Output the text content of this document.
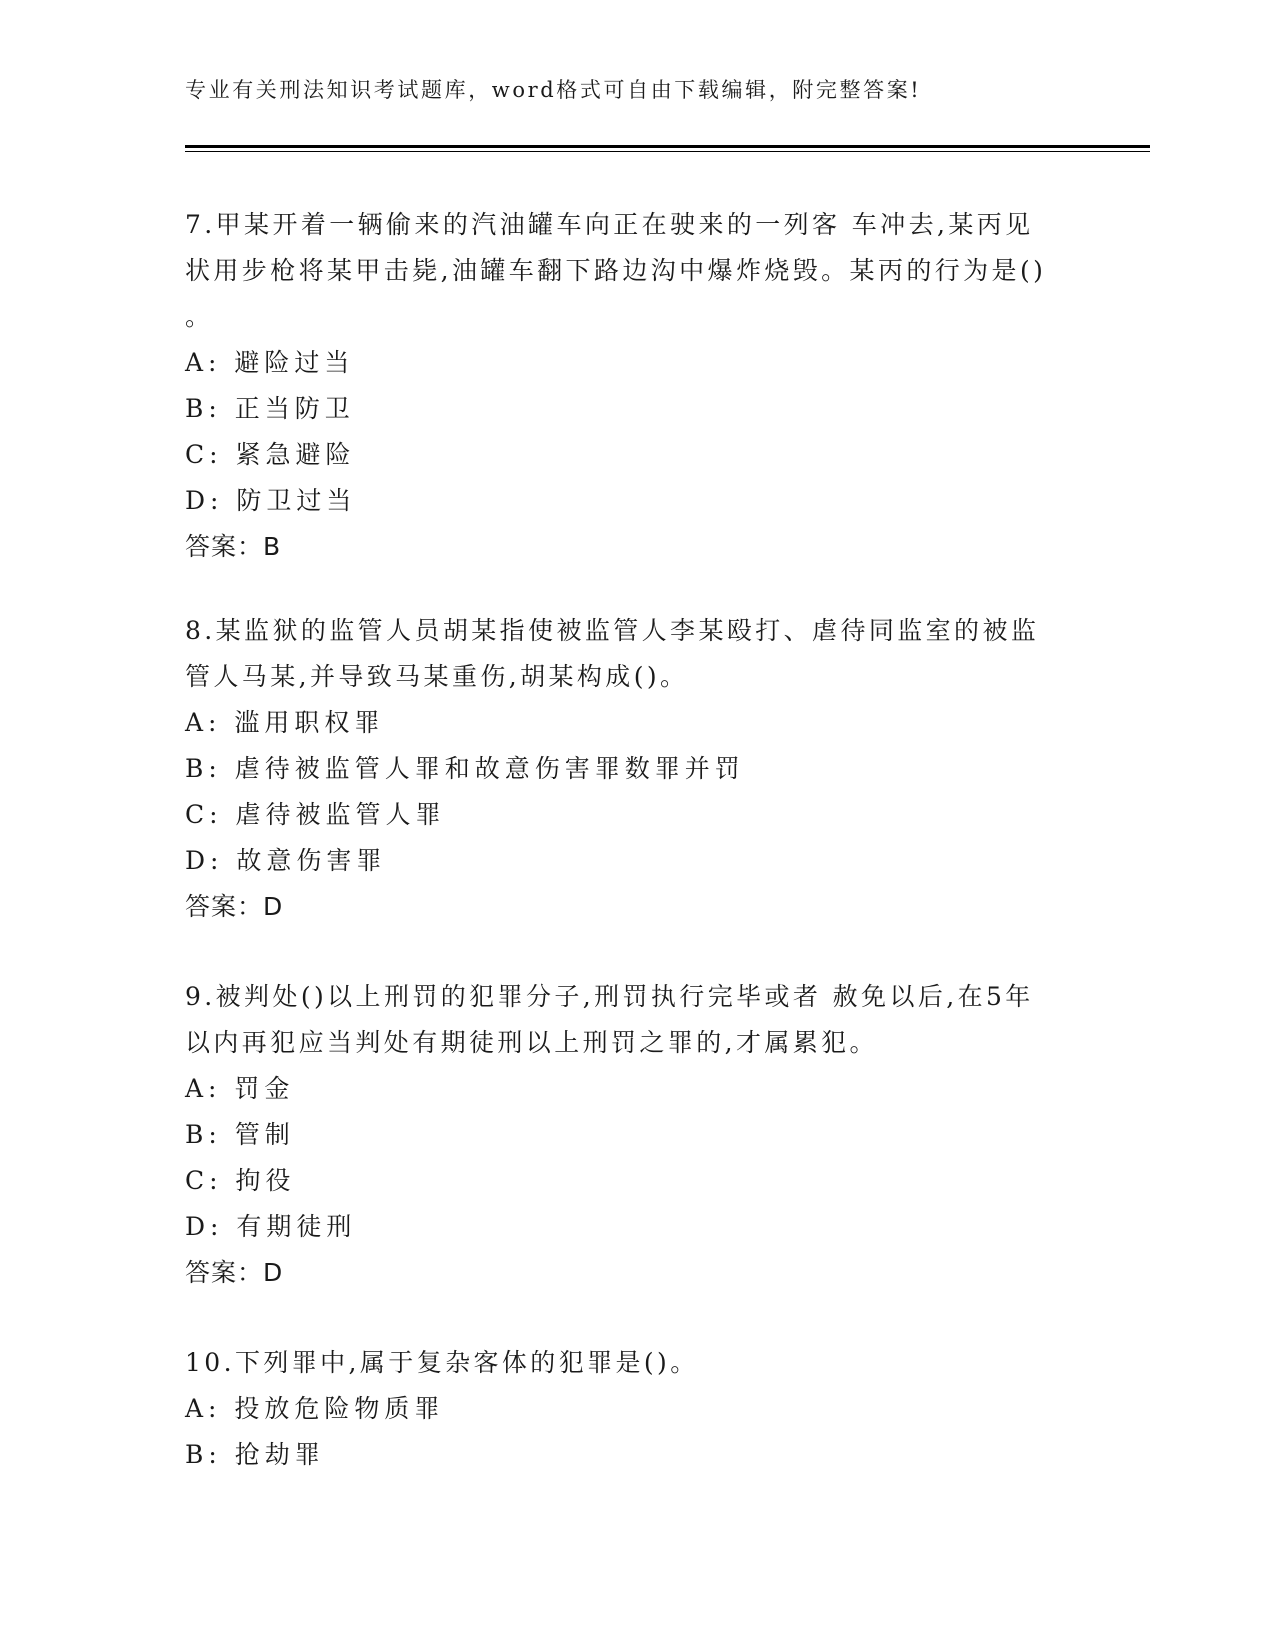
专业有关刑法知识考试题库，word格式可自由下载编辑，附完整答案!
7.甲某开着一辆偷来的汽油罐车向正在驶来的一列客 车冲去,某丙见
状用步枪将某甲击毙,油罐车翻下路边沟中爆炸烧毁。某丙的行为是()
。
A: 避险过当
B: 正当防卫
C: 紧急避险
D: 防卫过当
答案：B
8.某监狱的监管人员胡某指使被监管人李某殴打、虐待同监室的被监
管人马某,并导致马某重伤,胡某构成()。
A: 滥用职权罪
B: 虐待被监管人罪和故意伤害罪数罪并罚
C: 虐待被监管人罪
D: 故意伤害罪
答案：D
9.被判处()以上刑罚的犯罪分子,刑罚执行完毕或者 赦免以后,在5年
以内再犯应当判处有期徒刑以上刑罚之罪的,才属累犯。
A: 罚金
B: 管制
C: 拘役
D: 有期徒刑
答案：D
10.下列罪中,属于复杂客体的犯罪是()。
A: 投放危险物质罪
B: 抢劫罪
